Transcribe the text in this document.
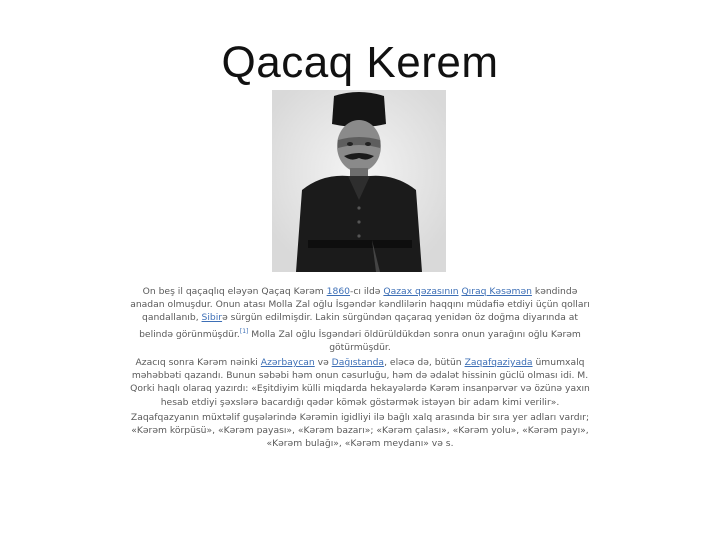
Qacaq Kerem

On beş il qaçaqlıq eləyən Qaçaq Kərəm 1860-cı ildə Qazax qəzasının Qıraq Kəsəmən kəndində anadan olmuşdur. Onun atası Molla Zal oğlu İsgəndər kəndlilərin haqqını müdafiə etdiyi üçün qolları qandallanıb, Sibirə sürgün edilmişdir. Lakin sürgündən qaçaraq yenidən öz doğma diyarında at belində görünmüşdür.[1] Molla Zal oğlu İsgəndəri öldürüldükdən sonra onun yarağını oğlu Kərəm götürmüşdür.

Azacıq sonra Kərəm nəinki Azərbaycan və Dağıstanda, eləcə də, bütün Zaqafqaziyada ümumxalq məhəbbəti qazandı. Bunun səbəbi həm onun cəsurluğu, həm də ədalət hissinin güclü olması idi. M. Qorki haqlı olaraq yazırdı: «Eşitdiyim külli miqdarda hekayələrdə Kərəm insanpərvər və özünə yaxın hesab etdiyi şəxslərə bacardığı qədər kömək göstərmək istəyən bir adam kimi verilir».

Zaqafqazyanın müxtəlif guşələrində Kərəmin igidliyi ilə bağlı xalq arasında bir sıra yer adları vardır; «Kərəm körpüsü», «Kərəm payası», «Kərəm bazarı»; «Kərəm çalası», «Kərəm yolu», «Kərəm payı», «Kərəm bulağı», «Kərəm meydanı» və s.
